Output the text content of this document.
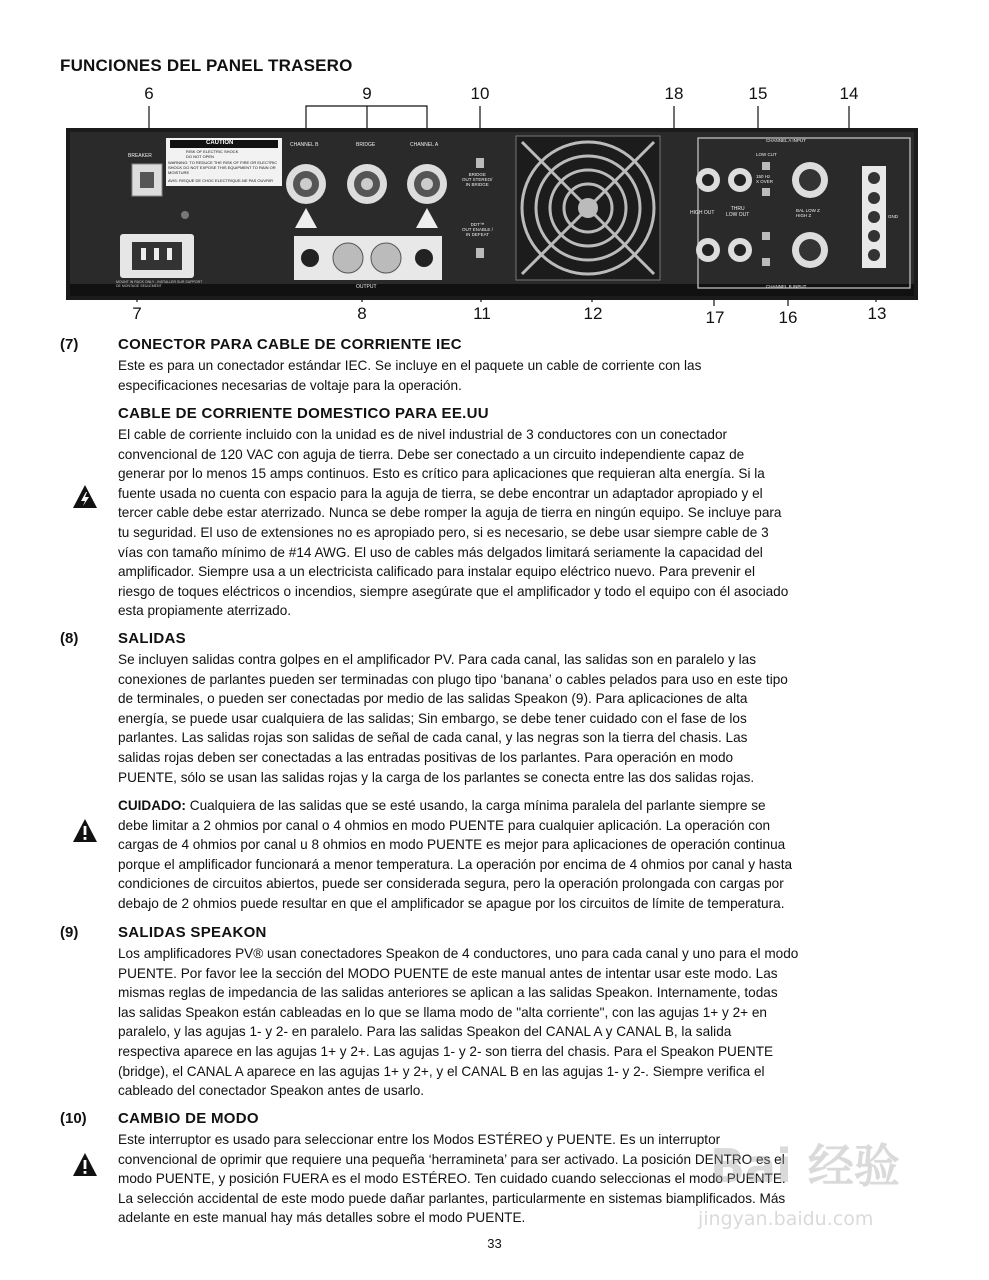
FUNCIONES DEL PANEL TRASERO
6	9	10	18	15	14
7	8	11	12	17	16	13
BREAKER
CAUTION
RISK OF ELECTRIC SHOCK
DO NOT OPEN
WARNING: TO REDUCE THE RISK OF FIRE OR ELECTRIC SHOCK DO NOT EXPOSE THIS EQUIPMENT TO RAIN OR MOISTURE
AVIS: RISQUE DE CHOC ELECTRIQUE-NE PAS OUVRIR
CHANNEL B	BRIDGE	CHANNEL A
BRIDGE
OUT STEREO/
IN BRIDGE
DDT™
OUT ENABLE /
IN DEFEAT
OUTPUT
MOUNT IN RACK ONLY - INSTALLER SUR SUPPORT DE MONTAGE SEULEMENT
CHANNEL A INPUT
CHANNEL B INPUT
HIGH OUT
THRU
LOW OUT
LOW CUT
150 Hz
X OVER
BAL LOW Z
HIGH Z	GND
(7)	CONECTOR PARA CABLE DE CORRIENTE IEC
Este es para un conectador estándar IEC. Se incluye en el paquete un cable de corriente con las
especificaciones necesarias de voltaje para la operación.
CABLE DE CORRIENTE DOMESTICO PARA EE.UU
El cable de corriente incluido con la unidad es de nivel industrial de 3 conductores con un conectador
convencional de 120 VAC con aguja de tierra. Debe ser conectado a un circuito independiente capaz de
generar por lo menos 15 amps continuos. Esto es crítico para aplicaciones que requieran alta energía. Si la
fuente usada no cuenta con espacio para la aguja de tierra, se debe encontrar un adaptador apropiado y el
tercer cable debe estar aterrizado. Nunca se debe romper la aguja de tierra en ningún equipo. Se incluye para
tu seguridad. El uso de extensiones no es apropiado pero, si es necesario, se debe usar siempre cable de 3
vías con tamaño mínimo de #14 AWG. El uso de cables más delgados limitará seriamente la capacidad del
amplificador. Siempre usa a un electricista calificado para instalar equipo eléctrico nuevo. Para prevenir el
riesgo de toques eléctricos o incendios, siempre asegúrate que el amplificador y todo el equipo con él asociado
esta propiamente aterrizado.
(8)	SALIDAS
Se incluyen salidas contra golpes en el amplificador PV. Para cada canal, las salidas son en paralelo y las
conexiones de parlantes pueden ser terminadas con plugo tipo ‘banana’ o cables pelados para uso en este tipo
de terminales, o pueden ser conectadas por medio de las salidas Speakon (9). Para aplicaciones de alta
energía, se puede usar cualquiera de las salidas; Sin embargo, se debe tener cuidado con el fase de los
parlantes. Las salidas rojas son salidas de señal de cada canal, y las negras son la tierra del chasis. Las
salidas rojas deben ser conectadas a las entradas positivas de los parlantes. Para operación en modo
PUENTE, sólo se usan las salidas rojas y la carga de los parlantes se conecta entre las dos salidas rojas.
CUIDADO: Cualquiera de las salidas que se esté usando, la carga mínima paralela del parlante siempre se
debe limitar a 2 ohmios por canal o 4 ohmios en modo PUENTE para cualquier aplicación. La operación con
cargas de 4 ohmios por canal u 8 ohmios en modo PUENTE es mejor para aplicaciones de operación continua
porque el amplificador funcionará a menor temperatura. La operación por encima de 4 ohmios por canal y hasta
condiciones de circuitos abiertos, puede ser considerada segura, pero la operación prolongada con cargas por
debajo de 2 ohmios puede resultar en que el amplificador se apague por los circuitos de límite de temperatura.
(9)	SALIDAS SPEAKON
Los amplificadores PV® usan conectadores Speakon de 4 conductores, uno para cada canal y uno para el modo
PUENTE. Por favor lee la sección del MODO PUENTE de este manual antes de intentar usar este modo. Las
mismas reglas de impedancia de las salidas anteriores se aplican a las salidas Speakon. Internamente, todas
las salidas Speakon están cableadas en lo que se llama modo de "alta corriente", con las agujas 1+ y 2+ en
paralelo, y las agujas 1- y 2- en paralelo. Para las salidas Speakon del CANAL A y CANAL B, la salida
respectiva aparece en las agujas 1+ y 2+. Las agujas 1- y 2- son tierra del chasis. Para el Speakon PUENTE
(bridge), el CANAL A aparece en las agujas 1+ y 2+, y el CANAL B en las agujas 1- y 2-. Siempre verifica el
cableado del conectador Speakon antes de usarlo.
(10) CAMBIO DE MODO
Este interruptor es usado para seleccionar entre los Modos ESTÉREO y PUENTE. Es un interruptor
convencional de oprimir que requiere una pequeña ‘herramineta’ para ser activado. La posición DENTRO es el
modo PUENTE, y posición FUERA es el modo ESTÉREO. Ten cuidado cuando seleccionas el modo PUENTE.
La selección accidental de este modo puede dañar parlantes, particularmente en sistemas biamplificados. Más
adelante en este manual hay más detalles sobre el modo PUENTE.
33
Bai 经验
jingyan.baidu.com
